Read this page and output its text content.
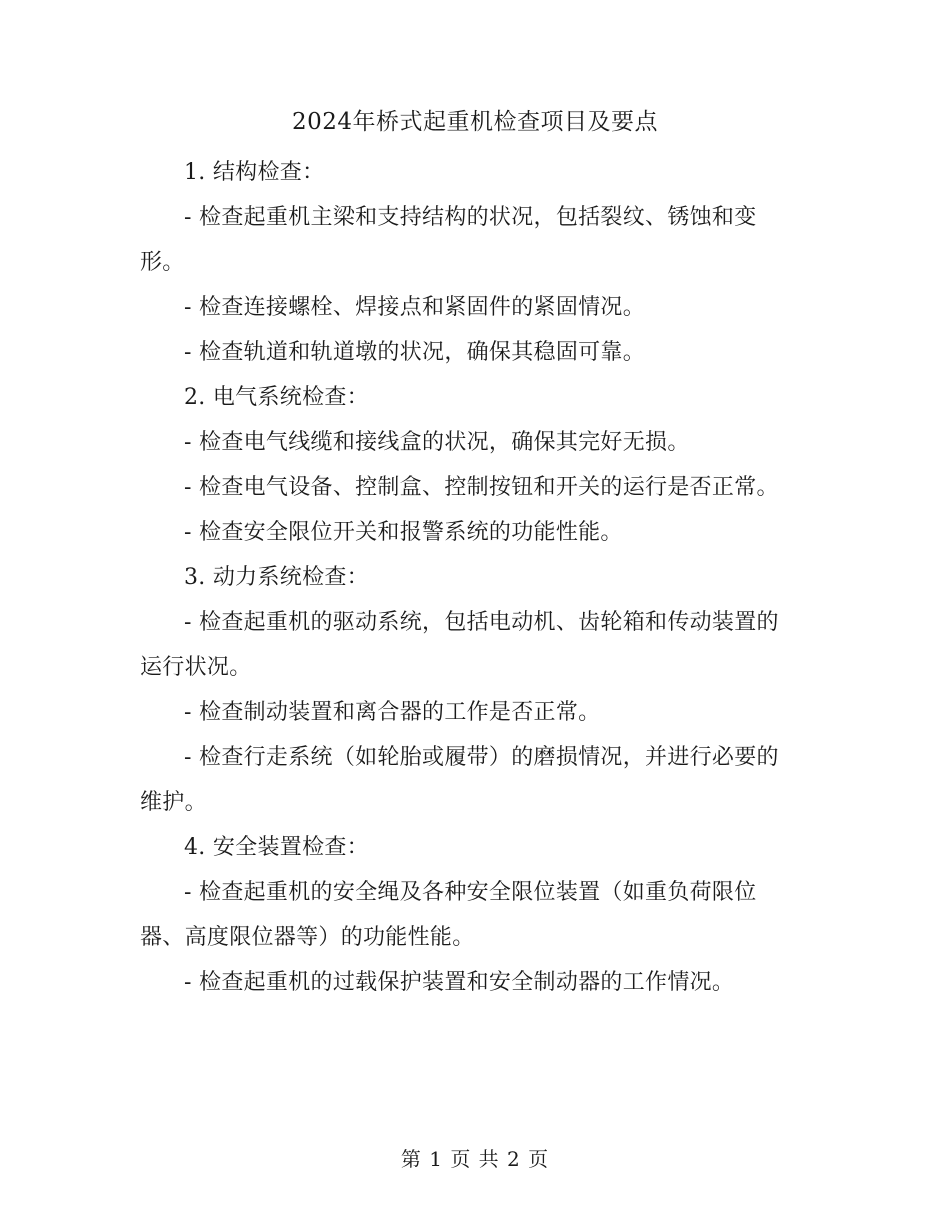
2024年桥式起重机检查项目及要点

1. 结构检查：

- 检查起重机主梁和支持结构的状况，包括裂纹、锈蚀和变形。

- 检查连接螺栓、焊接点和紧固件的紧固情况。

- 检查轨道和轨道墩的状况，确保其稳固可靠。

2. 电气系统检查：

- 检查电气线缆和接线盒的状况，确保其完好无损。

- 检查电气设备、控制盒、控制按钮和开关的运行是否正常。

- 检查安全限位开关和报警系统的功能性能。

3. 动力系统检查：

- 检查起重机的驱动系统，包括电动机、齿轮箱和传动装置的运行状况。

- 检查制动装置和离合器的工作是否正常。

- 检查行走系统（如轮胎或履带）的磨损情况，并进行必要的维护。

4. 安全装置检查：

- 检查起重机的安全绳及各种安全限位装置（如重负荷限位器、高度限位器等）的功能性能。

- 检查起重机的过载保护装置和安全制动器的工作情况。

第 1 页 共 2 页
